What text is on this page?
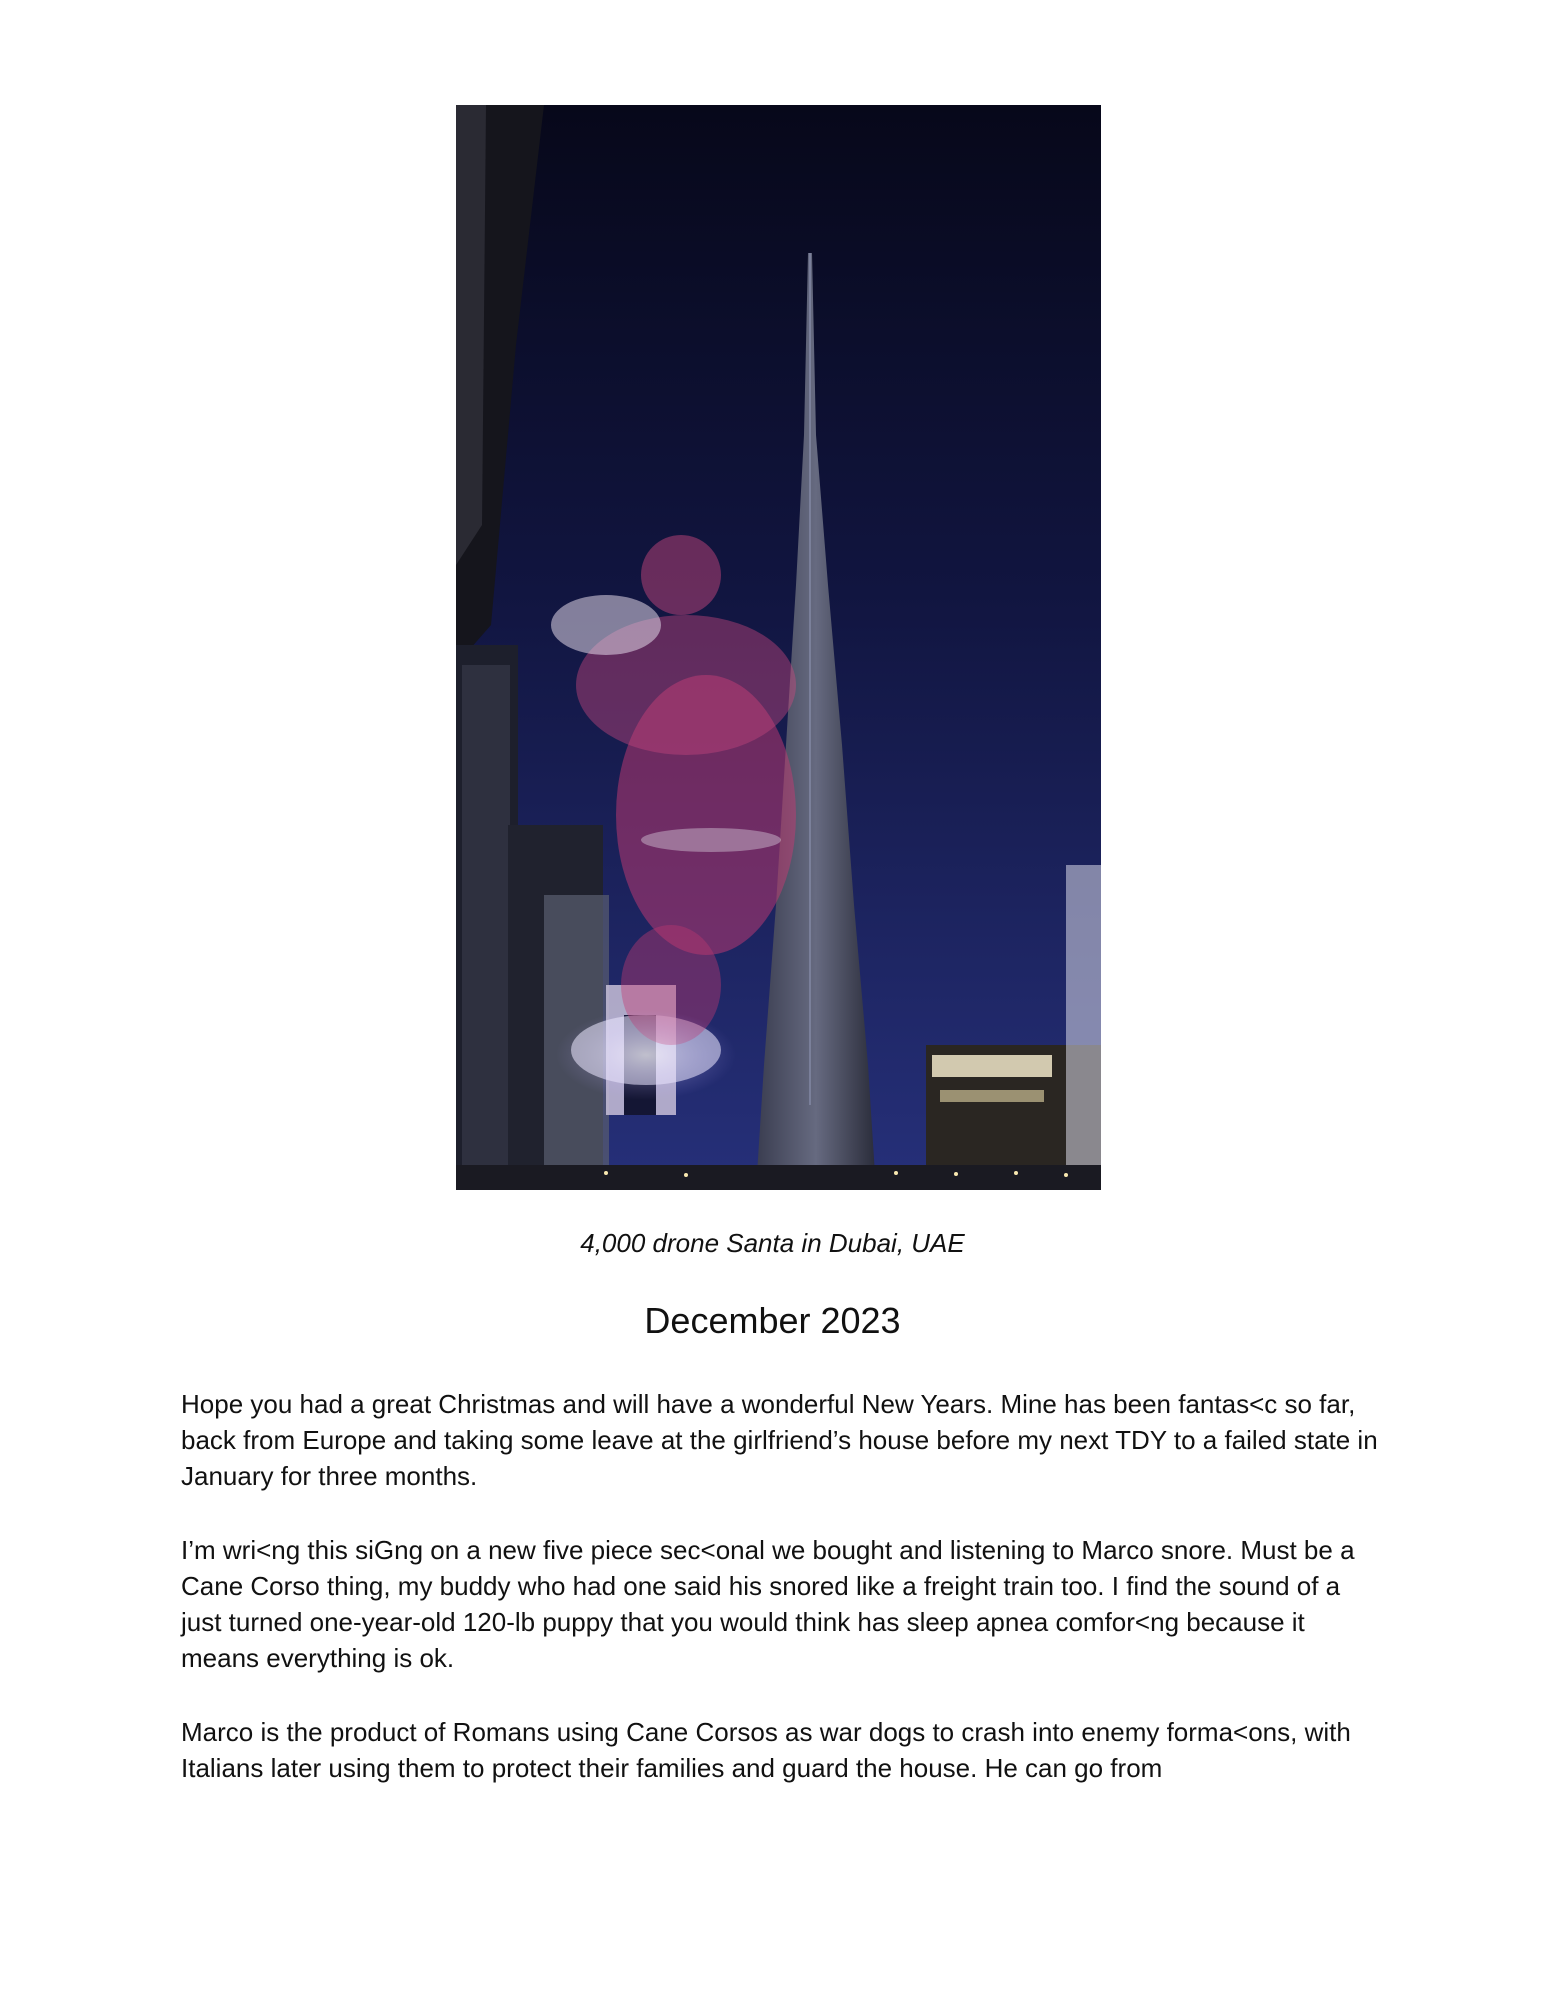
4,000 drone Santa in Dubai, UAE
December 2023

Hope you had a great Christmas and will have a wonderful New Years. Mine has been fantas<c so far, back from Europe and taking some leave at the girlfriend’s house before my next TDY to a failed state in January for three months.

I’m wri<ng this siGng on a new five piece sec<onal we bought and listening to Marco snore. Must be a Cane Corso thing, my buddy who had one said his snored like a freight train too. I find the sound of a just turned one-year-old 120-lb puppy that you would think has sleep apnea comfor<ng because it means everything is ok.

Marco is the product of Romans using Cane Corsos as war dogs to crash into enemy forma<ons, with Italians later using them to protect their families and guard the house. He can go from
